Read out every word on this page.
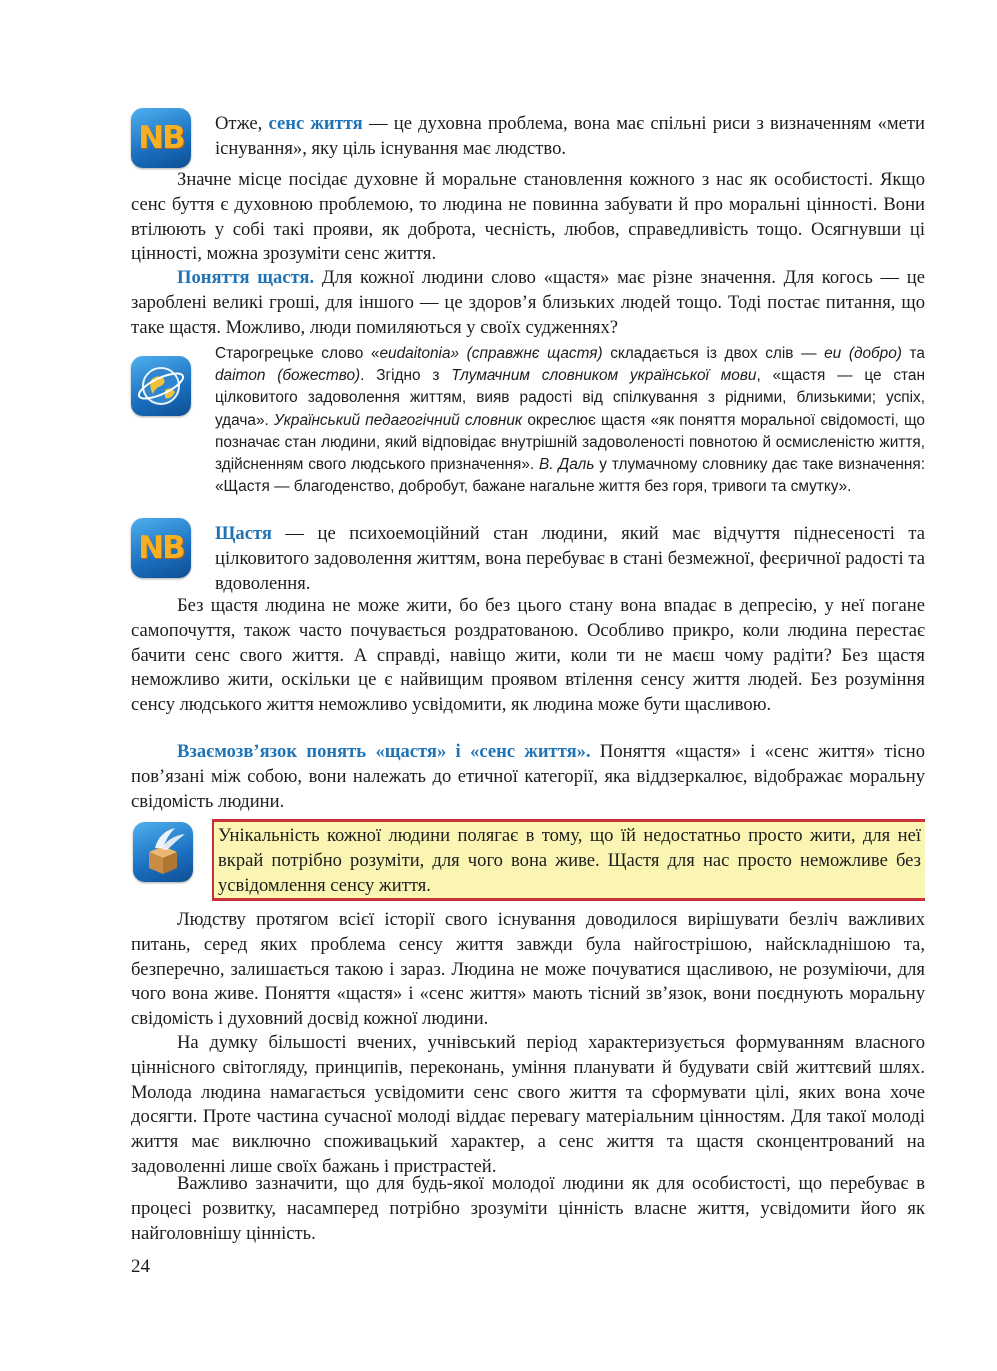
NB	Отже, сенс життя — це духовна проблема, вона має спільні риси з визначенням «мети існування», яку ціль існування має людство.

Значне місце посідає духовне й моральне становлення кожного з нас як особистості. Якщо сенс буття є духовною проблемою, то людина не повинна забувати й про моральні цінності. Вони втілюють у собі такі прояви, як доброта, чесність, любов, справедливість тощо. Осягнувши ці цінності, можна зрозуміти сенс життя.

Поняття щастя. Для кожної людини слово «щастя» має різне значення. Для когось — це зароблені великі гроші, для іншого — це здоров’я близьких людей тощо. Тоді постає питання, що таке щастя. Можливо, люди помиляються у своїх судженнях?

Старогрецьке слово «eudaitonia» (справжнє щастя) складається із двох слів — eu (добро) та daimon (божество). Згідно з Тлумачним словником української мови, «щастя — це стан цілковитого задоволення життям, вияв радості від спілкування з рідними, близькими; успіх, удача». Український педагогічний словник окреслює щастя «як поняття моральної свідомості, що позначає стан людини, який відповідає внутрішній задоволеності повнотою й осмисленістю життя, здійсненням свого людського призначення». В. Даль у тлумачному словнику дає таке визначення: «Щастя — благоденство, добробут, бажане нагальне життя без горя, тривоги та смутку».

NB	Щастя — це психоемоційний стан людини, який має відчуття піднесеності та цілковитого задоволення життям, вона перебуває в стані безмежної, феєричної радості та вдоволення.

Без щастя людина не може жити, бо без цього стану вона впадає в депресію, у неї погане самопочуття, також часто почувається роздратованою. Особливо прикро, коли людина перестає бачити сенс свого життя. А справді, навіщо жити, коли ти не маєш чому радіти? Без щастя неможливо жити, оскільки це є найвищим проявом втілення сенсу життя людей. Без розуміння сенсу людського життя неможливо усвідомити, як людина може бути щасливою.

Взаємозв’язок понять «щастя» і «сенс життя». Поняття «щастя» і «сенс життя» тісно пов’язані між собою, вони належать до етичної категорії, яка віддзеркалює, відображає моральну свідомість людини.

Унікальність кожної людини полягає в тому, що їй недостатньо просто жити, для неї вкрай потрібно розуміти, для чого вона живе. Щастя для нас просто неможливе без усвідомлення сенсу життя.

Людству протягом всієї історії свого існування доводилося вирішувати безліч важливих питань, серед яких проблема сенсу життя завжди була найгострішою, найскладнішою та, безперечно, залишається такою і зараз. Людина не може почуватися щасливою, не розуміючи, для чого вона живе. Поняття «щастя» і «сенс життя» мають тісний зв’язок, вони поєднують моральну свідомість і духовний досвід кожної людини.

На думку більшості вчених, учнівський період характеризується формуванням власного ціннісного світогляду, принципів, переконань, уміння планувати й будувати свій життєвий шлях. Молода людина намагається усвідомити сенс свого життя та сформувати цілі, яких вона хоче досягти. Проте частина сучасної молоді віддає перевагу матеріальним цінностям. Для такої молоді життя має виключно споживацький характер, а сенс життя та щастя сконцентрований на задоволенні лише своїх бажань і пристрастей.

Важливо зазначити, що для будь-якої молодої людини як для особистості, що перебуває в процесі розвитку, насамперед потрібно зрозуміти цінність власне життя, усвідомити його як найголовнішу цінність.

24
